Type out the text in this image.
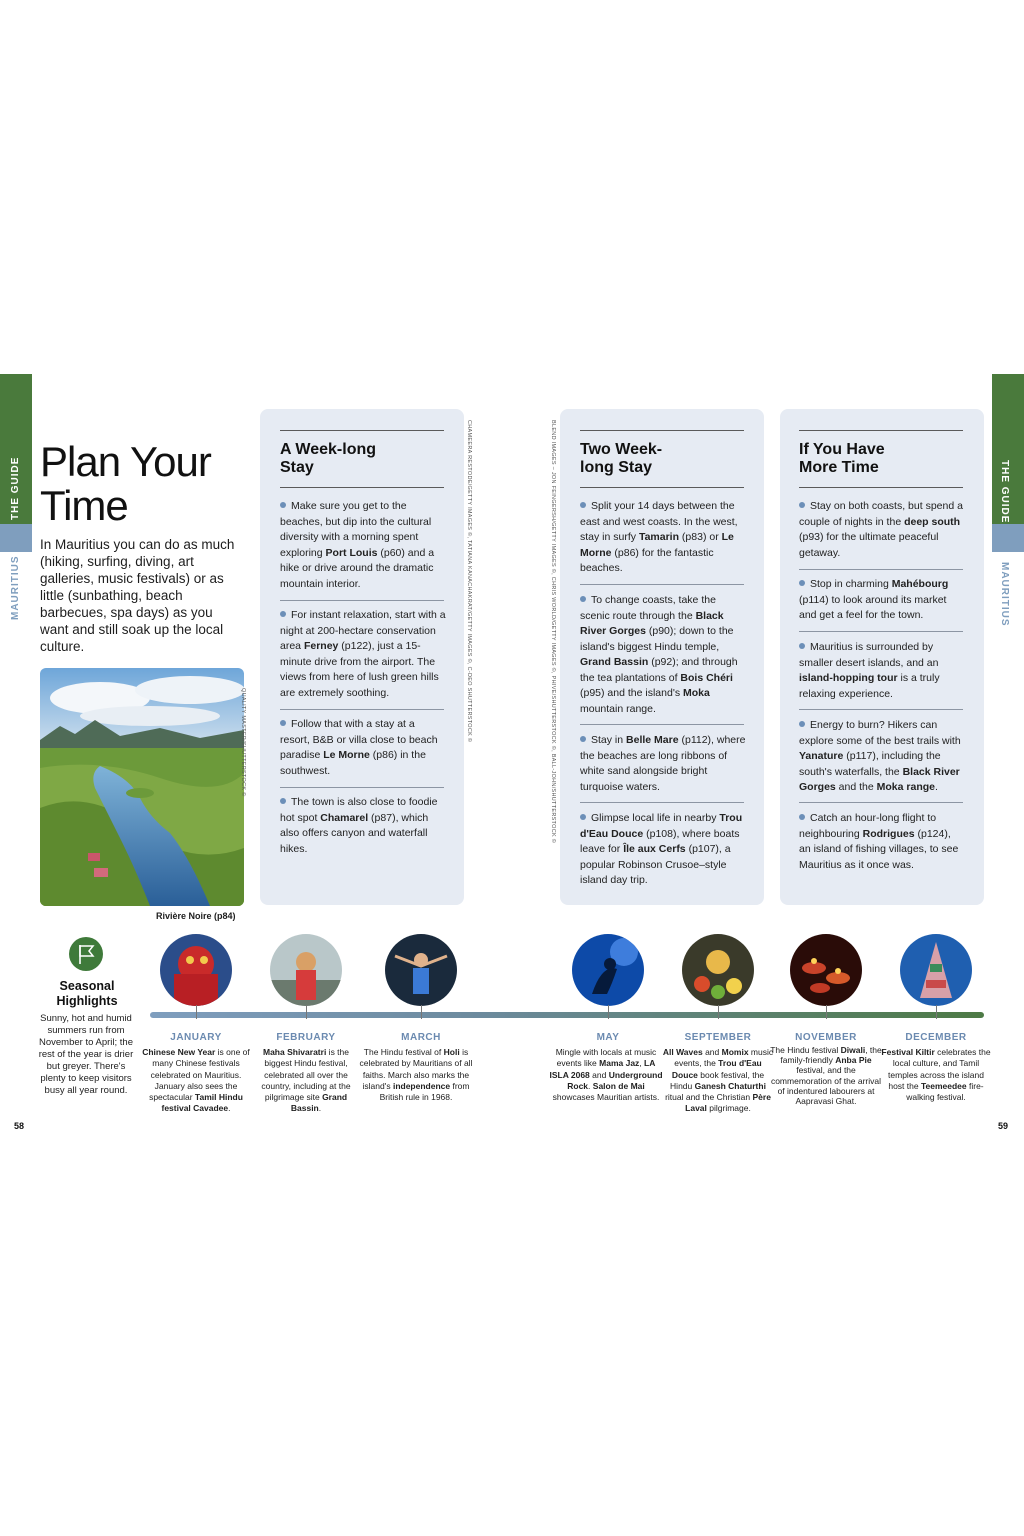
THE GUIDE
MAURITIUS
THE GUIDE
MAURITIUS
Plan Your Time
In Mauritius you can do as much (hiking, surfing, diving, art galleries, music festivals) or as little (sunbathing, beach barbecues, spa days) as you want and still soak up the local culture.
Rivière Noire (p84)
QUALITY MASTER/SHUTTERSTOCK ©
A Week-long Stay
Make sure you get to the beaches, but dip into the cultural diversity with a morning spent exploring Port Louis (p60) and a hike or drive around the dramatic mountain interior.
For instant relaxation, start with a night at 200-hectare conservation area Ferney (p122), just a 15-minute drive from the airport. The views from here of lush green hills are extremely soothing.
Follow that with a stay at a resort, B&B or villa close to beach paradise Le Morne (p86) in the southwest.
The town is also close to foodie hot spot Chamarel (p87), which also offers canyon and waterfall hikes.
CHAMEERA RESTODE/GETTY IMAGES ©, TATIANA KANACHAKRAT/GETTY IMAGES ©, C-DEO SHUTTERSTOCK ©	BLEND IMAGES – JON FEINGERSH/GETTY IMAGES ©, CHRIS WORLD/GETTY IMAGES ©, PHIVE/SHUTTERSTOCK ©, BALL-JOHN/SHUTTERSTOCK © Two Week-long Stay
Split your 14 days between the east and west coasts. In the west, stay in surfy Tamarin (p83) or Le Morne (p86) for the fantastic beaches.
To change coasts, take the scenic route through the Black River Gorges (p90); down to the island's biggest Hindu temple, Grand Bassin (p92); and through the tea plantations of Bois Chéri (p95) and the island's Moka mountain range.
Stay in Belle Mare (p112), where the beaches are long ribbons of white sand alongside bright turquoise waters.
Glimpse local life in nearby Trou d'Eau Douce (p108), where boats leave for Île aux Cerfs (p107), a popular Robinson Crusoe–style island day trip.
If You Have More Time
Stay on both coasts, but spend a couple of nights in the deep south (p93) for the ultimate peaceful getaway.
Stop in charming Mahébourg (p114) to look around its market and get a feel for the town.
Mauritius is surrounded by smaller desert islands, and an island-hopping tour is a truly relaxing experience.
Energy to burn? Hikers can explore some of the best trails with Yanature (p117), including the south's waterfalls, the Black River Gorges and the Moka range.
Catch an hour-long flight to neighbouring Rodrigues (p124), an island of fishing villages, to see Mauritius as it once was.
Seasonal Highlights
Sunny, hot and humid summers run from November to April; the rest of the year is drier but greyer. There's plenty to keep visitors busy all year round.
JANUARY	FEBRUARY	MARCH	MAY	SEPTEMBER	NOVEMBER	DECEMBER
Chinese New Year is one of many Chinese festivals celebrated on Mauritius. January also sees the spectacular Tamil Hindu festival Cavadee.
Maha Shivaratri is the biggest Hindu festival, celebrated all over the country, including at the pilgrimage site Grand Bassin.
The Hindu festival of Holi is celebrated by Mauritians of all faiths. March also marks the island's independence from British rule in 1968.
Mingle with locals at music events like Mama Jaz, LA ISLA 2068 and Underground Rock. Salon de Mai showcases Mauritian artists.
All Waves and Momix music events, the Trou d'Eau Douce book festival, the Hindu Ganesh Chaturthi ritual and the Christian Père Laval pilgrimage.
The Hindu festival Diwali, the family-friendly Anba Pie festival, and the commemoration of the arrival of indentured labourers at Aapravasi Ghat.
Festival Kiltir celebrates the local culture, and Tamil temples across the island host the Teemeedee fire-walking festival.
58	59
